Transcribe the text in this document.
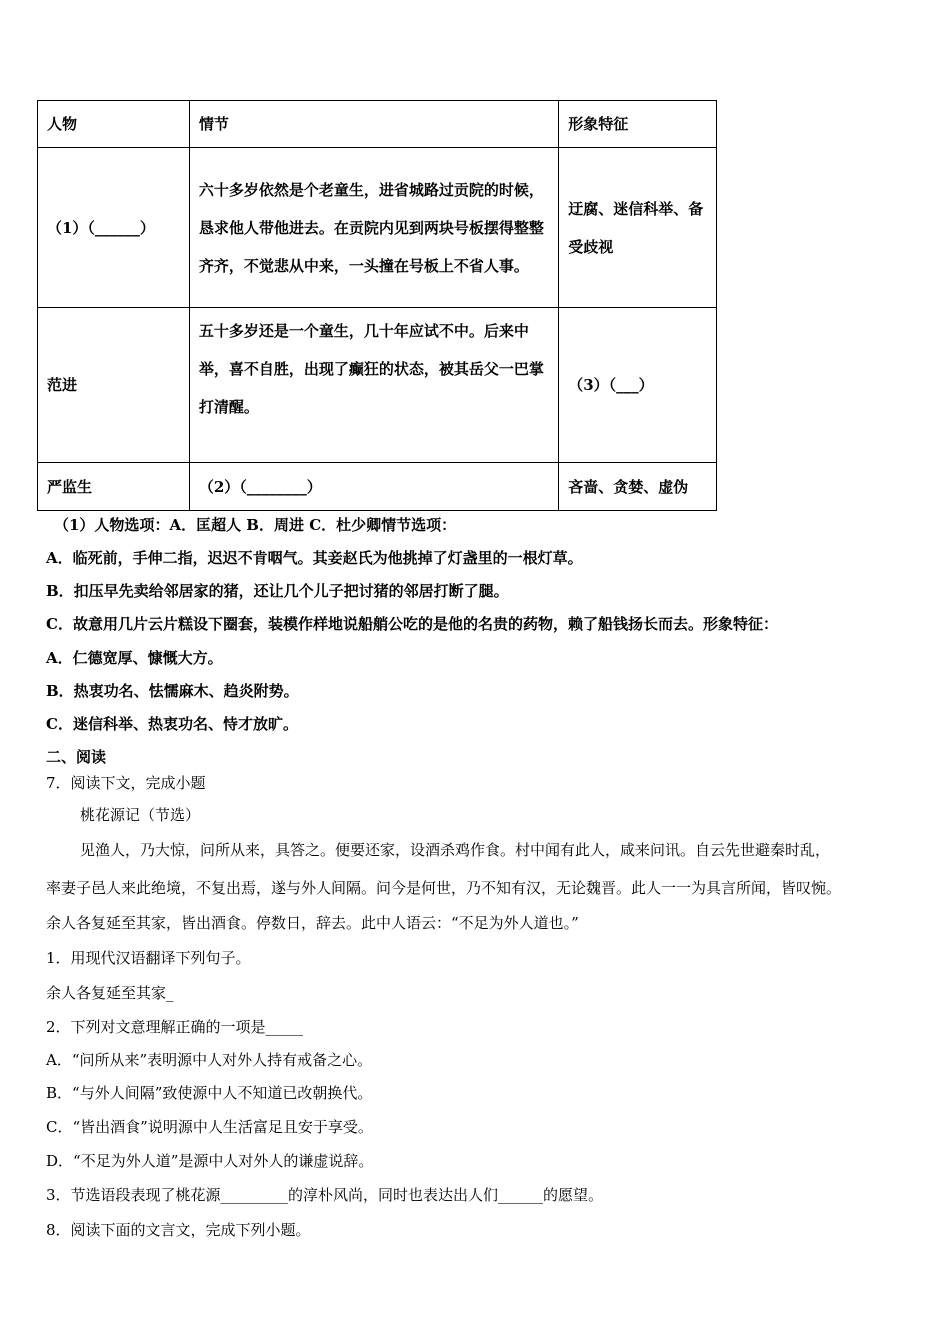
人物	情节	形象特征
（1）（______）	六十多岁依然是个老童生，进省城路过贡院的时候，恳求他人带他进去。在贡院内见到两块号板摆得整整齐齐，不觉悲从中来，一头撞在号板上不省人事。	迂腐、迷信科举、备受歧视
范进	五十多岁还是一个童生，几十年应试不中。后来中举，喜不自胜，出现了癫狂的状态，被其岳父一巴掌打清醒。	（3）（___）
严监生	（2）（________）	吝啬、贪婪、虚伪
（1）人物选项：A．匡超人 B．周进 C．杜少卿情节选项：
A．临死前，手伸二指，迟迟不肯咽气。其妾赵氏为他挑掉了灯盏里的一根灯草。
B．扣压早先卖给邻居家的猪，还让几个儿子把讨猪的邻居打断了腿。
C．故意用几片云片糕设下圈套，装模作样地说船艄公吃的是他的名贵的药物，赖了船钱扬长而去。形象特征：
A．仁德宽厚、慷慨大方。
B．热衷功名、怯懦麻木、趋炎附势。
C．迷信科举、热衷功名、恃才放旷。
二、阅读
7．阅读下文，完成小题
桃花源记（节选）
见渔人，乃大惊，问所从来，具答之。便要还家，设酒杀鸡作食。村中闻有此人，咸来问讯。自云先世避秦时乱，
率妻子邑人来此绝境，不复出焉，遂与外人间隔。问今是何世，乃不知有汉，无论魏晋。此人一一为具言所闻，皆叹惋。
余人各复延至其家，皆出酒食。停数日，辞去。此中人语云：“不足为外人道也。”
1．用现代汉语翻译下列句子。
余人各复延至其家_
2．下列对文意理解正确的一项是_____
A．“问所从来”表明源中人对外人持有戒备之心。
B．“与外人间隔”致使源中人不知道已改朝换代。
C．“皆出酒食”说明源中人生活富足且安于享受。
D．“不足为外人道”是源中人对外人的谦虚说辞。
3．节选语段表现了桃花源_________的淳朴风尚，同时也表达出人们______的愿望。
8．阅读下面的文言文，完成下列小题。
